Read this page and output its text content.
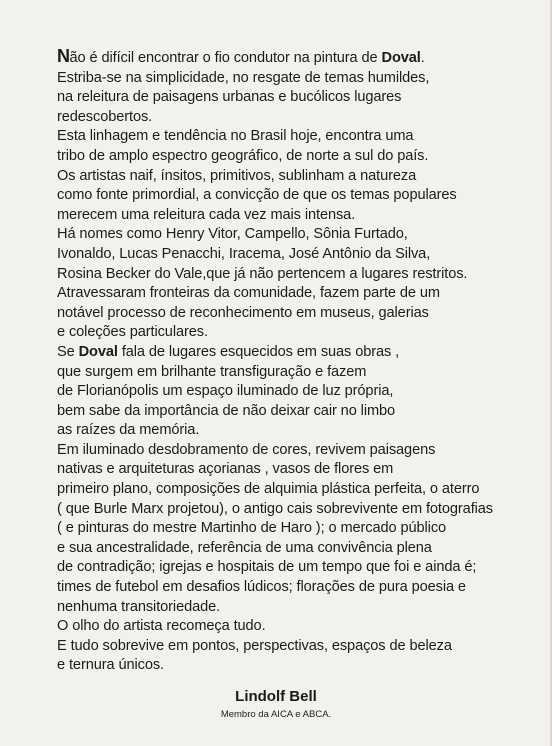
Não é difícil encontrar o fio condutor na pintura de Doval.
Estriba-se na simplicidade, no resgate de temas humildes,
na releitura de paisagens urbanas e bucólicos lugares
redescobertos.
Esta linhagem e tendência no Brasil hoje, encontra uma
tribo de amplo espectro geográfico, de norte a sul do país.
Os artistas naif, ínsitos, primitivos, sublinham a natureza
como fonte primordial, a convicção de que os temas populares
merecem uma releitura cada vez mais intensa.
Há nomes como Henry Vitor, Campello, Sônia Furtado,
Ivonaldo, Lucas Penacchi, Iracema, José Antônio da Silva,
Rosina Becker do Vale,que já não pertencem a lugares restritos.
Atravessaram fronteiras da comunidade, fazem parte de um
notável processo de reconhecimento em museus, galerias
e coleções particulares.
Se Doval fala de lugares esquecidos em suas obras ,
que surgem em brilhante transfiguração e fazem
de Florianópolis um espaço iluminado de luz própria,
bem sabe da importância de não deixar cair no limbo
as raízes da memória.
Em iluminado desdobramento de cores, revivem paisagens
nativas e arquiteturas açorianas , vasos de flores em
primeiro plano, composições de alquimia plástica perfeita, o aterro
( que Burle Marx projetou), o antigo cais sobrevivente em fotografias
( e pinturas do mestre Martinho de Haro ); o mercado público
e sua ancestralidade, referência de uma convivência plena
de contradição; igrejas e hospitais de um tempo que foi e ainda é;
times de futebol em desafios lúdicos; florações de pura poesia e
nenhuma transitoriedade.
O olho do artista recomeça tudo.
E tudo sobrevive em pontos, perspectivas, espaços de beleza
e ternura únicos.
Lindolf Bell
Membro da AICA e ABCA.
